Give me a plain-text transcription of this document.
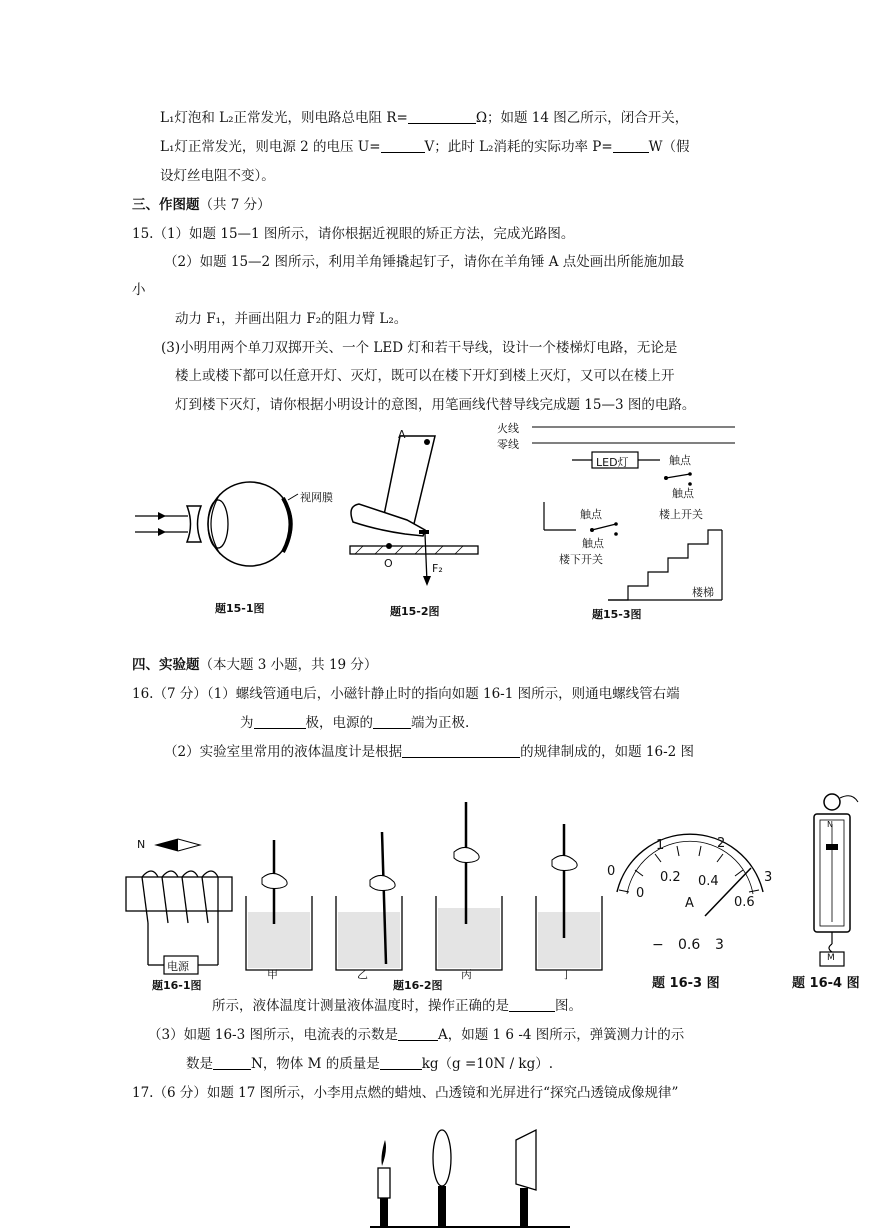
L₁灯泡和 L₂正常发光，则电路总电阻 R=	Ω；如题 14 图乙所示，闭合开关，
L₁灯正常发光，则电源 2 的电压 U=	V；此时 L₂消耗的实际功率 P=	W（假
设灯丝电阻不变）。
三、作图题（共 7 分）
15.（1）如题 15—1 图所示，请你根据近视眼的矫正方法，完成光路图。
（2）如题 15—2 图所示，利用羊角锤撬起钉子，请你在羊角锤 A 点处画出所能施加最
小
动力 F₁，并画出阻力 F₂的阻力臂 L₂。
(3)小明用两个单刀双掷开关、一个 LED 灯和若干导线，设计一个楼梯灯电路，无论是
楼上或楼下都可以任意开灯、灭灯，既可以在楼下开灯到楼上灭灯，又可以在楼上开
灯到楼下灭灯，请你根据小明设计的意图，用笔画线代替导线完成题 15—3 图的电路。
视网膜
题15-1图
A
O	F₂
题15-2图
火线
零线
LED灯	触点
触点
楼上开关
触点
触点
楼下开关
楼梯
题15-3图
四、实验题（本大题 3 小题，共 19 分）
16.（7 分）（1）螺线管通电后，小磁针静止时的指向如题 16-1 图所示，则通电螺线管右端
为	极，电源的	端为正极.
（2）实验室里常用的液体温度计是根据	的规律制成的，如题 16-2 图
N
电源
题16-1图
甲	乙	丙	丁
题16-2图
0
1	2
3
0
0.2 0.4
0.6
A
− 0.6 3
题 16-3 图
N
M
题 16-4 图
所示，液体温度计测量液体温度时，操作正确的是	图。
（3）如题 16-3 图所示，电流表的示数是	A，如题 1 6 -4 图所示，弹簧测力计的示
数是	N，物体 M 的质量是	kg（g =10N / kg）.
17.（6 分）如题 17 图所示，小李用点燃的蜡烛、凸透镜和光屏进行“探究凸透镜成像规律”
